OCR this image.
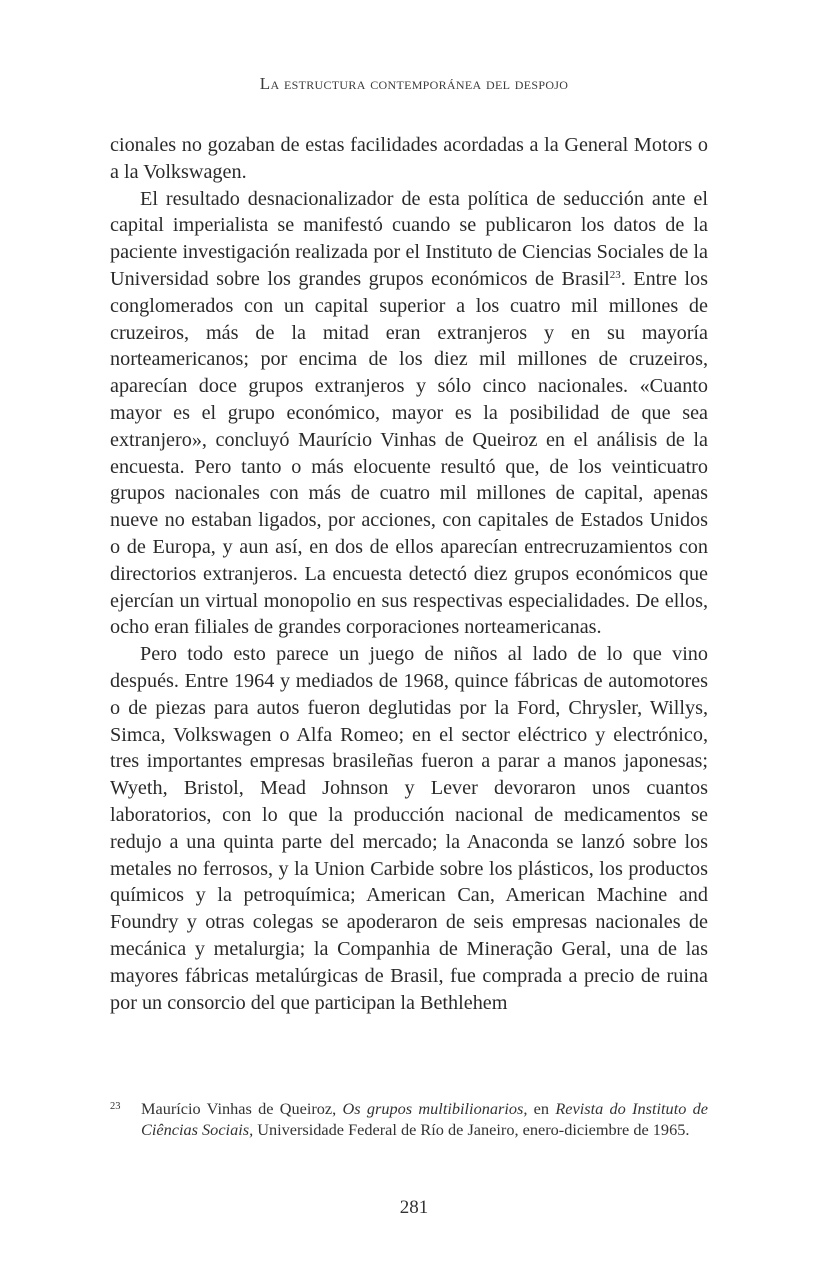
La estructura contemporánea del despojo

cionales no gozaban de estas facilidades acordadas a la General Motors o a la Volkswagen.

El resultado desnacionalizador de esta política de seducción ante el capital imperialista se manifestó cuando se publicaron los datos de la paciente investigación realizada por el Instituto de Ciencias Sociales de la Universidad sobre los grandes grupos económicos de Brasil$^{23}$. Entre los conglomerados con un capital superior a los cuatro mil millones de cruzeiros, más de la mitad eran extranjeros y en su mayoría norteamericanos; por encima de los diez mil millones de cruzeiros, aparecían doce grupos extranjeros y sólo cinco nacionales. «Cuanto mayor es el grupo económico, mayor es la posibilidad de que sea extranjero», concluyó Maurício Vinhas de Queiroz en el análisis de la encuesta. Pero tanto o más elocuente resultó que, de los veinticuatro grupos nacionales con más de cuatro mil millones de capital, apenas nueve no estaban ligados, por acciones, con capitales de Estados Unidos o de Europa, y aun así, en dos de ellos aparecían entrecruzamientos con directorios extranjeros. La encuesta detectó diez grupos económicos que ejercían un virtual monopolio en sus respectivas especialidades. De ellos, ocho eran filiales de grandes corporaciones norteamericanas.

Pero todo esto parece un juego de niños al lado de lo que vino después. Entre 1964 y mediados de 1968, quince fábricas de automotores o de piezas para autos fueron deglutidas por la Ford, Chrysler, Willys, Simca, Volkswagen o Alfa Romeo; en el sector eléctrico y electrónico, tres importantes empresas brasileñas fueron a parar a manos japonesas; Wyeth, Bristol, Mead Johnson y Lever devoraron unos cuantos laboratorios, con lo que la producción nacional de medicamentos se redujo a una quinta parte del mercado; la Anaconda se lanzó sobre los metales no ferrosos, y la Union Carbide sobre los plásticos, los productos químicos y la petroquímica; American Can, American Machine and Foundry y otras colegas se apoderaron de seis empresas nacionales de mecánica y metalurgia; la Companhia de Mineração Geral, una de las mayores fábricas metalúrgicas de Brasil, fue comprada a precio de ruina por un consorcio del que participan la Bethlehem

23 Maurício Vinhas de Queiroz, Os grupos multibilionarios, en Revista do Instituto de Ciências Sociais, Universidade Federal de Río de Janeiro, enero-diciembre de 1965.
281
